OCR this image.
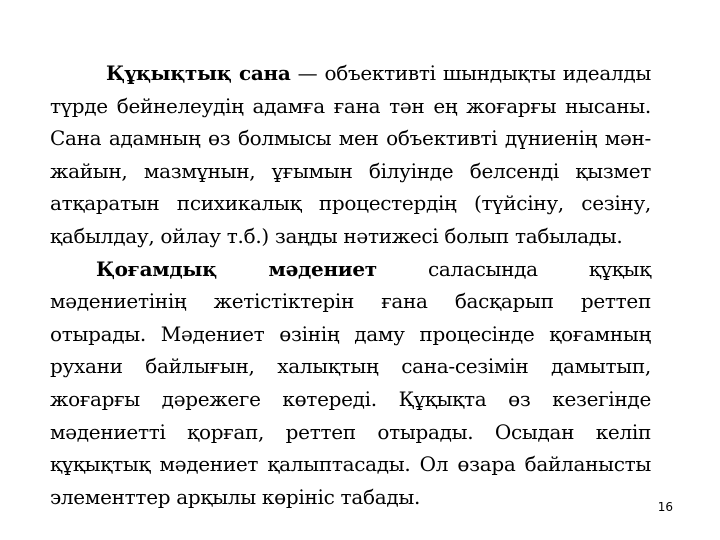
Құқықтық сана — объективті шындықты идеалды түрде бейнелеудің адамға ғана тән ең жоғарғы нысаны. Сана адамның өз болмысы мен объективті дүниенің мән-жайын, мазмұнын, ұғымын білуінде белсенді қызмет атқаратын психикалық процестердің (түйсіну, сезіну, қабылдау, ойлау т.б.) заңды нәтижесі болып табылады.

Қоғамдық мәдениет саласында құқық мәдениетінің жетістіктерін ғана басқарып реттеп отырады. Мәдениет өзінің даму процесінде қоғамның рухани байлығын, халықтың сана-сезімін дамытып, жоғарғы дәрежеге көтереді. Құқықта өз кезегінде мәдениетті қорғап, реттеп отырады. Осыдан келіп құқықтық мәдениет қалыптасады. Ол өзара байланысты элементтер арқылы көрініс табады.	16
